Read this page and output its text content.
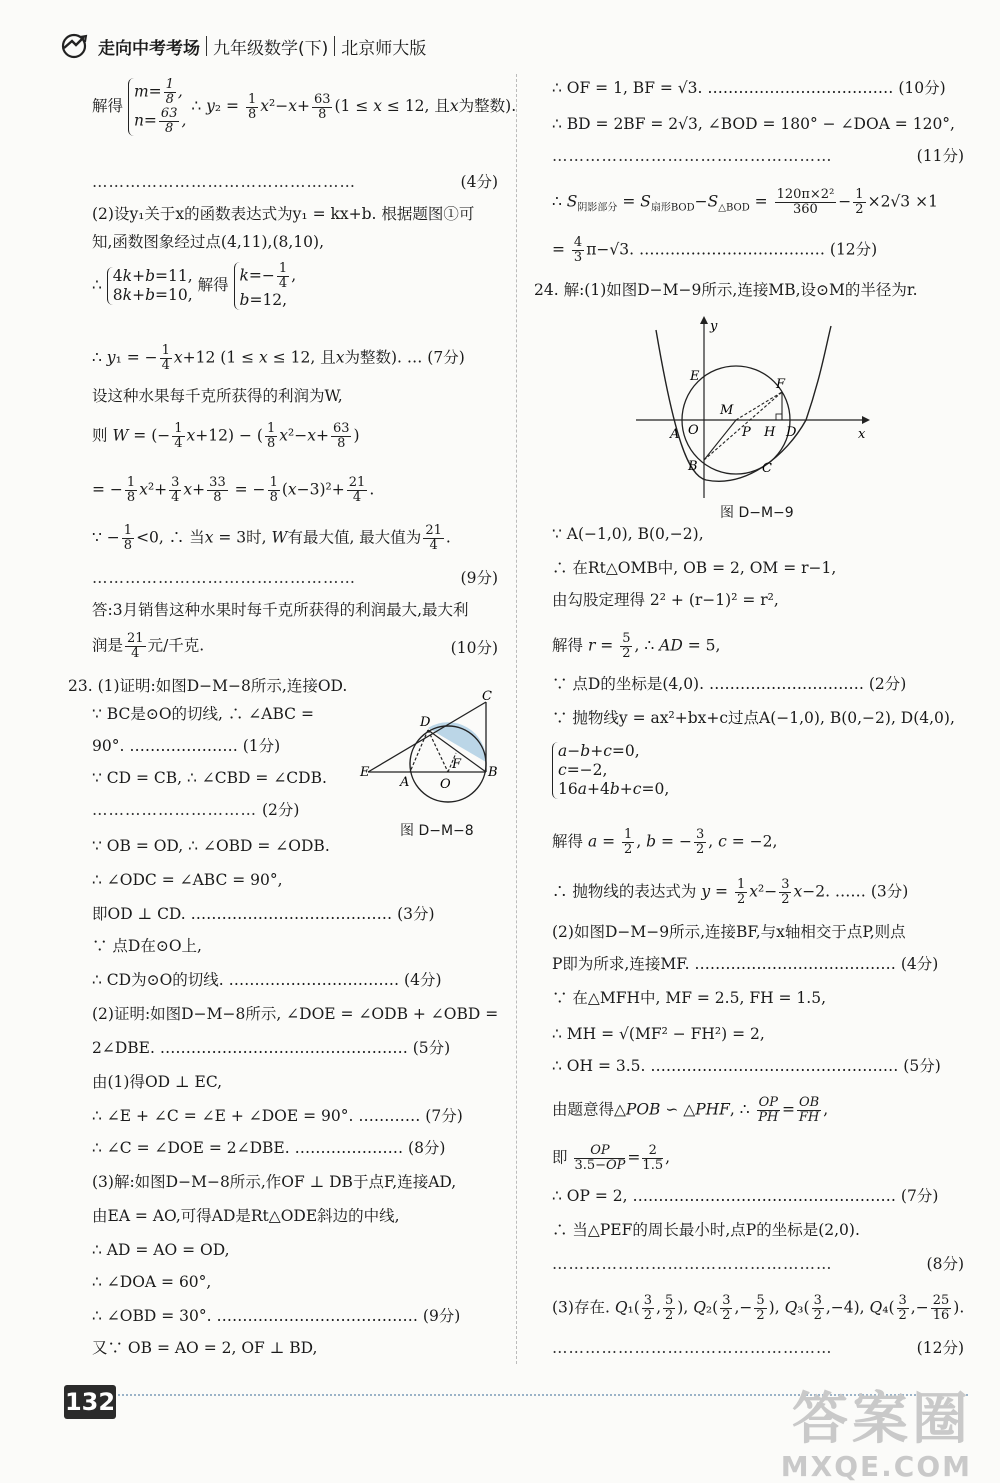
走向中考考场 九年级数学(下) 北京师大版
解得 $m= \frac{1}{8}$ ,
$n= \frac{63}{8}$ , ∴ $y_2 = \frac{1}{8} x^2-x+ \frac{63}{8} (1 \le x \le 12$, 且x为整数).
…………………………………………	(4分)
(2)设y₁关于x的函数表达式为y₁ = kx+b. 根据题图①可
知,函数图象经过点(4,11),(8,10),
∴ 4k+b=11,
8k+b=10, 解得 $k=- \frac{1}{4}$ ,
b=12,
∴ y₁ = − $\frac{1}{4} x+12$ (1 ≤ x ≤ 12, 且x为整数). … (7分)
设这种水果每千克所获得的利润为W,
则 W = (− $\frac{1}{4} x+12$) − ( $\frac{1}{8} x^2-x+ \frac{63}{8}$ )
= − $\frac{1}{8} x^2+ \frac{3}{4} x+ \frac{33}{8}$ = − $\frac{1}{8} (x-3)^2+ \frac{21}{4}$ .
∵ − $\frac{1}{8} <0$, ∴ 当x = 3时, W有最大值, 最大值为 $\frac{21}{4}$ .
…………………………………………	(9分)
答:3月销售这种水果时每千克所获得的利润最大,最大利
润是 $\frac{21}{4}$ 元/千克.	(10分)
23. (1)证明:如图D−M−8所示,连接OD.
∵ BC是⊙O的切线, ∴ ∠ABC =
90°. ………………… (1分)
∵ CD = CB, ∴ ∠CBD = ∠CDB.
………………………… (2分)
∵ OB = OD, ∴ ∠OBD = ∠ODB.
∴ ∠ODC = ∠ABC = 90°,
即OD ⊥ CD. ………………………………… (3分)
∵ 点D在⊙O上,
∴ CD为⊙O的切线. …………………………… (4分)
(2)证明:如图D−M−8所示, ∠DOE = ∠ODB + ∠OBD =
2∠DBE. ………………………………………… (5分)
由(1)得OD ⊥ EC,
∴ ∠E + ∠C = ∠E + ∠DOE = 90°. ………… (7分)
∴ ∠C = ∠DOE = 2∠DBE. ………………… (8分)
(3)解:如图D−M−8所示,作OF ⊥ DB于点F,连接AD,
由EA = AO,可得AD是Rt△ODE斜边的中线,
∴ AD = AO = OD,
∴ ∠DOA = 60°,
∴ ∠OBD = 30°. ………………………………… (9分)
又∵ OB = AO = 2, OF ⊥ BD,
C
D
E
A O
F
B
图 D−M−8
∴ OF = 1, BF = √3. ……………………………… (10分)
∴ BD = 2BF = 2√3, ∠BOD = 180° − ∠DOA = 120°,
……………………………………………	(11分)
∴ $S_{阴影部分} = S_{扇形BOD}-S_{\triangle BOD} = \frac{\text{120π×2²}}{360} - \frac{1}{2} \times 2√3 \times 1$
= $\frac{4}{3} \pi-√3$. ……………………………… (12分)
24. 解:(1)如图D−M−9所示,连接MB,设⊙M的半径为r.
∵ A(−1,0), B(0,−2),
∴ 在Rt△OMB中, OB = 2, OM = r−1,
由勾股定理得 2² + (r−1)² = r²,
解得 $r = \frac{5}{2}$ , ∴ AD = 5,
∵ 点D的坐标是(4,0). ………………………… (2分)
∵ 抛物线y = ax²+bx+c过点A(−1,0), B(0,−2), D(4,0),
a−b+c=0,
c=−2,
16a+4b+c=0,
解得 $a = \frac{1}{2}$ , b = − $\frac{3}{2}$ , c = −2,
∴ 抛物线的表达式为 $y = \frac{1}{2} x^2- \frac{3}{2} x-2$. …… (3分)
(2)如图D−M−9所示,连接BF,与x轴相交于点P,则点
P即为所求,连接MF. ………………………………… (4分)
∵ 在△MFH中, MF = 2.5, FH = 1.5,
∴ MH = √(MF² − FH²) = 2,
∴ OH = 3.5. ………………………………………… (5分)
由题意得△POB ∽ △PHF, ∴ $\frac{OP}{PH} = \frac{OB}{FH}$ ,
即 $\frac{OP}{3.5-OP} = \frac{2}{1.5}$ ,
∴ OP = 2, …………………………………………… (7分)
∴ 当△PEF的周长最小时,点P的坐标是(2,0).
……………………………………………	(8分)
(3)存在. $Q_1( \frac{3}{2}$ , $\frac{5}{2}$ ), $Q_2( \frac{3}{2}$ ,− $\frac{5}{2}$ ), $Q_3( \frac{3}{2} ,-4)$, $Q_4( \frac{3}{2}$ ,− $\frac{25}{16}$ ).
……………………………………………	(12分)
y
x
E
F
M
A O	P H D
B	C
图 D−M−9
132	答案圈
MXQE.COM
